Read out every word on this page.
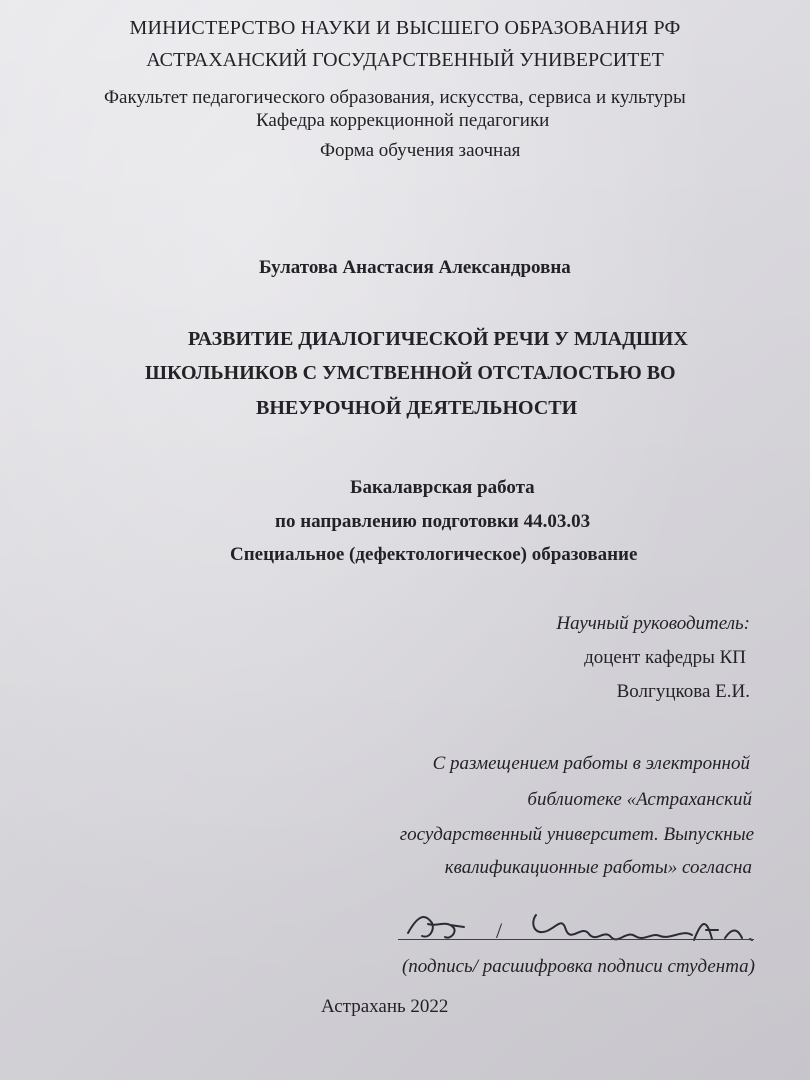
МИНИСТЕРСТВО НАУКИ И ВЫСШЕГО ОБРАЗОВАНИЯ РФ
АСТРАХАНСКИЙ ГОСУДАРСТВЕННЫЙ УНИВЕРСИТЕТ
Факультет педагогического образования, искусства, сервиса и культуры
Кафедра коррекционной педагогики
Форма обучения заочная
Булатова Анастасия Александровна
РАЗВИТИЕ ДИАЛОГИЧЕСКОЙ РЕЧИ У МЛАДШИХ
ШКОЛЬНИКОВ С УМСТВЕННОЙ ОТСТАЛОСТЬЮ ВО
ВНЕУРОЧНОЙ ДЕЯТЕЛЬНОСТИ
Бакалаврская работа
по направлению подготовки 44.03.03
Специальное (дефектологическое) образование
Научный руководитель:
доцент кафедры КП
Волгуцкова Е.И.
С размещением работы в электронной
библиотеке «Астраханский
государственный университет. Выпускные
квалификационные работы» согласна
/
(подпись/ расшифровка подписи студента)
Астрахань 2022
